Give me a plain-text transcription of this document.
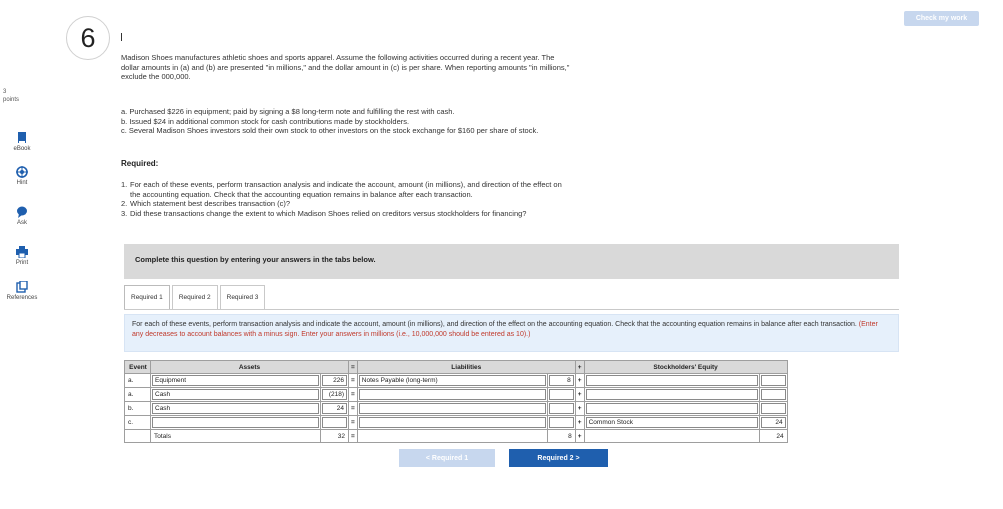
Check my work
6
3
points
eBook
Hint
Ask
Print
References
Madison Shoes manufactures athletic shoes and sports apparel. Assume the following activities occurred during a recent year. The
dollar amounts in (a) and (b) are presented "in millions," and the dollar amount in (c) is per share. When reporting amounts "in millions,"
exclude the 000,000.
a. Purchased $226 in equipment; paid by signing a $8 long-term note and fulfilling the rest with cash.
b. Issued $24 in additional common stock for cash contributions made by stockholders.
c. Several Madison Shoes investors sold their own stock to other investors on the stock exchange for $160 per share of stock.
Required:
1. For each of these events, perform transaction analysis and indicate the account, amount (in millions), and direction of the effect on
the accounting equation. Check that the accounting equation remains in balance after each transaction.
2. Which statement best describes transaction (c)?
3. Did these transactions change the extent to which Madison Shoes relied on creditors versus stockholders for financing?
Complete this question by entering your answers in the tabs below.
Required 1	Required 2	Required 3
For each of these events, perform transaction analysis and indicate the account, amount (in millions), and direction of the effect on the accounting equation. Check that the accounting equation remains in balance after each transaction. (Enter any decreases to account balances with a minus sign. Enter your answers in millions (i.e., 10,000,000 should be entered as 10).)
Event	Assets		=	Liabilities		+	Stockholders' Equity	
a.	Equipment	226	=	Notes Payable (long-term)	8	+	

a.	Cash	(218)	=			+	

b.	Cash	24	=			+	

c.			=			+	Common Stock	24

	Totals	32	=		8	+		24
< Required 1	Required 2 >
